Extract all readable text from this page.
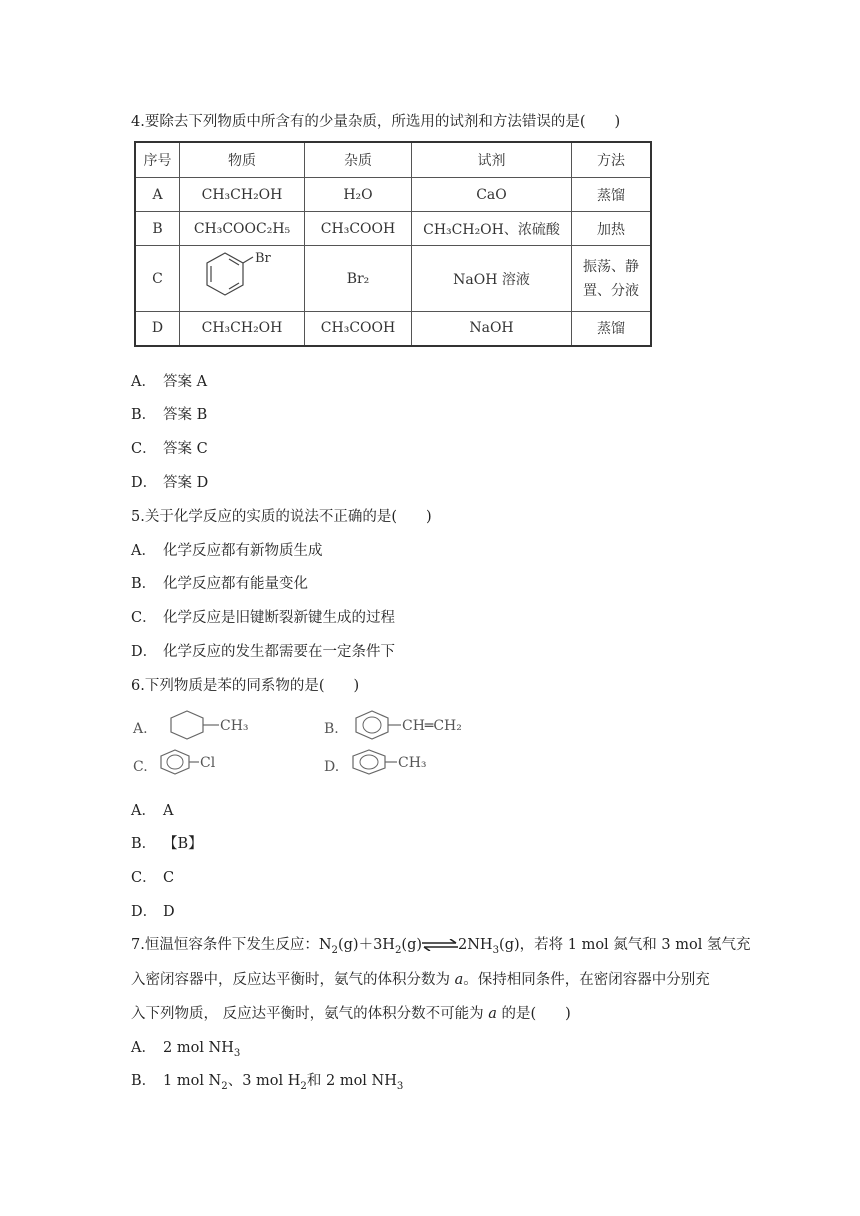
4.要除去下列物质中所含有的少量杂质，所选用的试剂和方法错误的是(　　)
序号	物质	杂质	试剂	方法
A	CH₃CH₂OH	H₂O	CaO	蒸馏
B	CH₃COOC₂H₅	CH₃COOH	CH₃CH₂OH、浓硫酸	加热
C	Br	Br₂	NaOH 溶液	振荡、静
置、分液

D	CH₃CH₂OH	CH₃COOH	NaOH	蒸馏
A． 答案 A
B． 答案 B
C． 答案 C
D． 答案 D
5.关于化学反应的实质的说法不正确的是(　　)
A． 化学反应都有新物质生成
B． 化学反应都有能量变化
C． 化学反应是旧键断裂新键生成的过程
D． 化学反应的发生都需要在一定条件下
6.下列物质是苯的同系物的是(　　)
A.	CH₃	B.	CH═CH₂
C.	Cl	D.	CH₃
A． A
B． 【B】
C． C
D． D
7.恒温恒容条件下发生反应：$N_2(g)+3H_2(g)\rightleftharpoons 2NH_3(g)$，若将 1 mol 氮气和 3 mol 氢气充
入密闭容器中，反应达平衡时，氨气的体积分数为 a。保持相同条件，在密闭容器中分别充
入下列物质， 反应达平衡时，氨气的体积分数不可能为 a 的是(　　)
A． 2 mol $NH_3$
B． 1 mol $N_2$、3 mol $H_2$和 2 mol $NH_3$
